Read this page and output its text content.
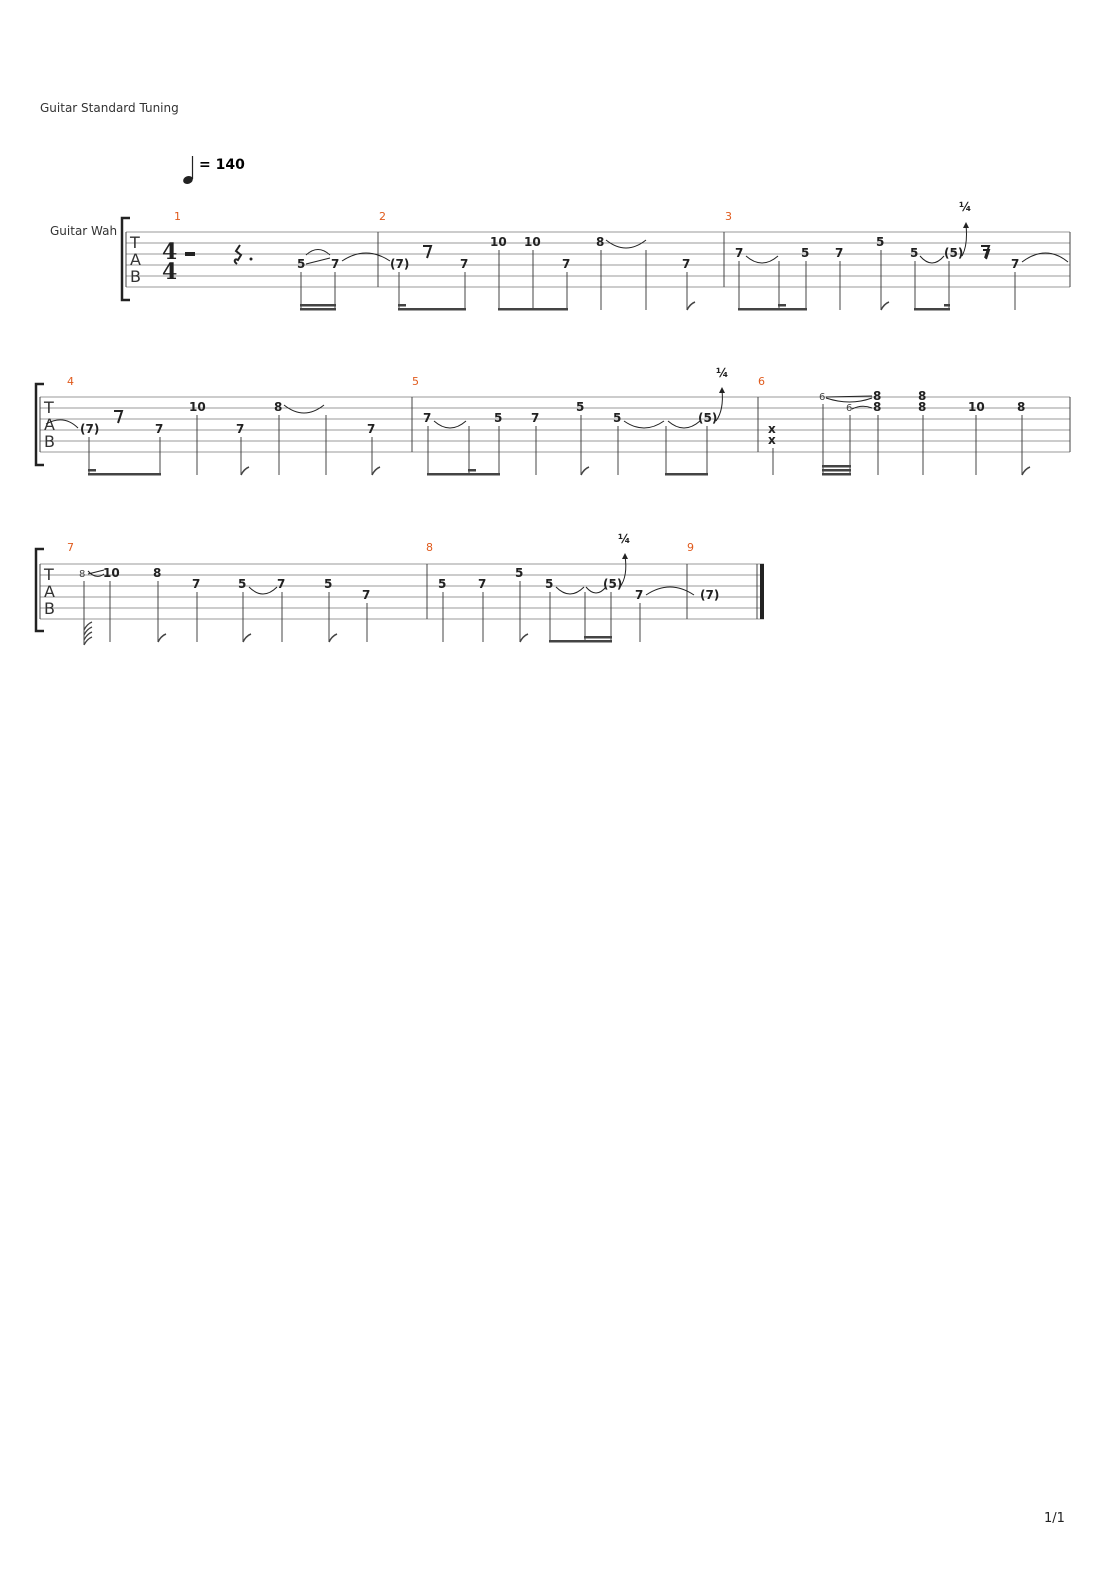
Guitar Standard Tuning
= 140
Guitar Wah
T
A
B
4
4
1	2	3
5 7	(7)	7
10 10
7
8
7
7	5 7
5
5 (5)
¼
7
T
A
B
4	5	6
(7)	7
10
7
8
7
7	5 7
5
5	(5)
¼
x
x
6
6
8
8
8
8	10	8
T
A
B
7	8	9
8 10	8
7	5	7	5
7
5	7
5
5	(5)
¼
7	(7)
1/1
